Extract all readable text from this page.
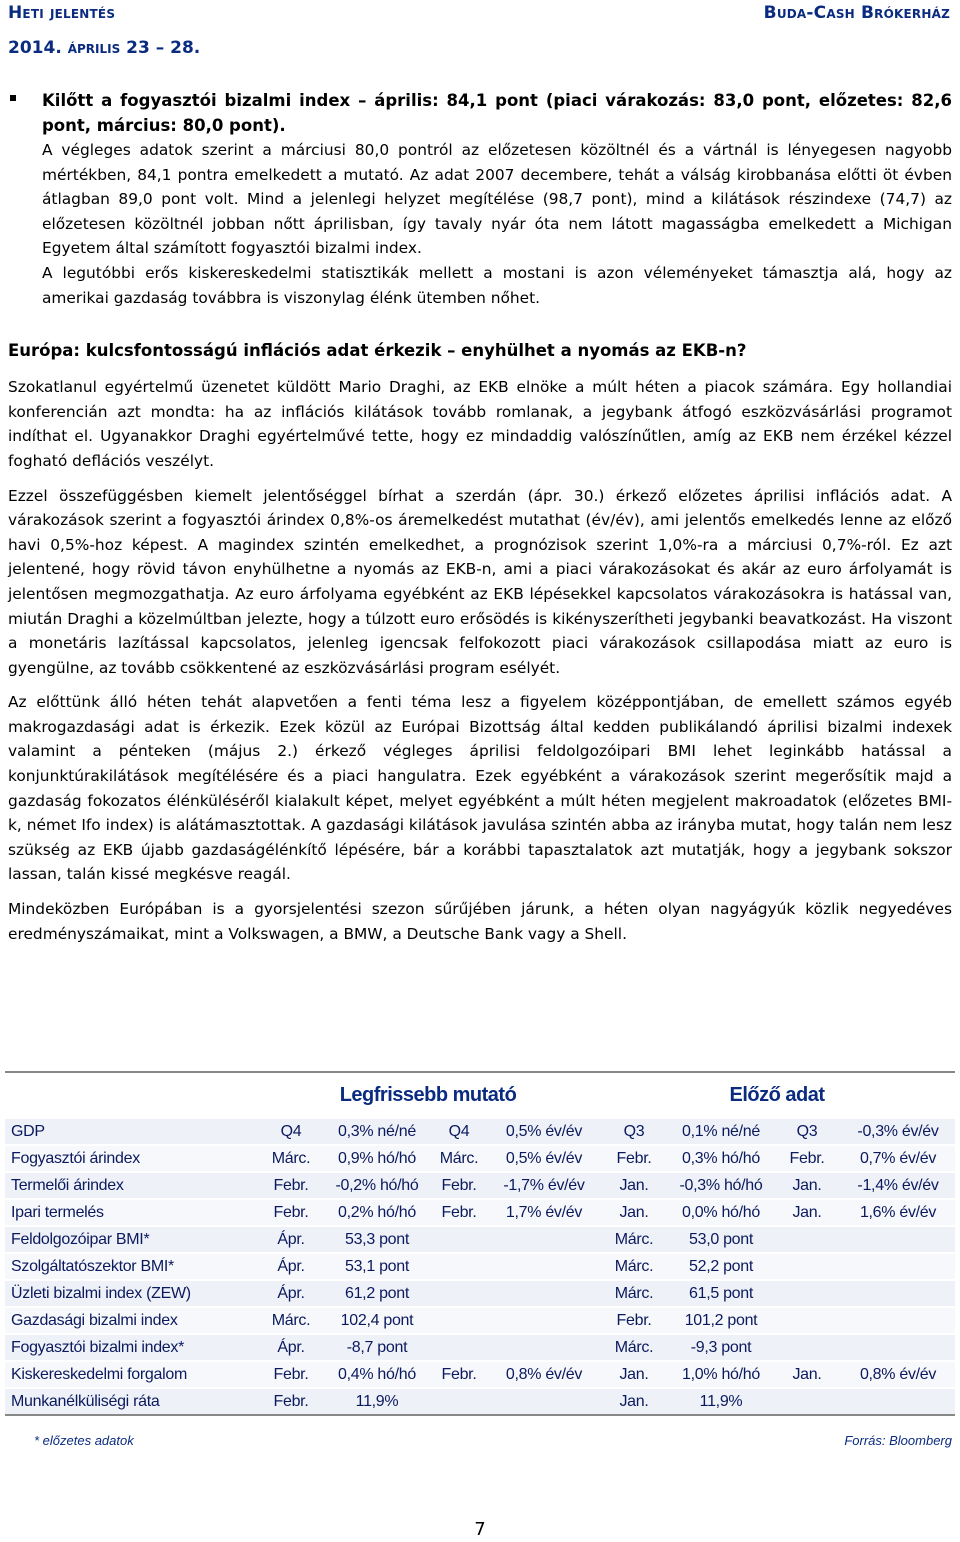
Heti jelentés	Buda-Cash Brókerház
2014. április 23 – 28.
Kilőtt a fogyasztói bizalmi index – április: 84,1 pont (piaci várakozás: 83,0 pont, előzetes: 82,6 pont, március: 80,0 pont).

A végleges adatok szerint a márciusi 80,0 pontról az előzetesen közöltnél és a vártnál is lényegesen nagyobb mértékben, 84,1 pontra emelkedett a mutató. Az adat 2007 decembere, tehát a válság kirobbanása előtti öt évben átlagban 89,0 pont volt. Mind a jelenlegi helyzet megítélése (98,7 pont), mind a kilátások részindexe (74,7) az előzetesen közöltnél jobban nőtt áprilisban, így tavaly nyár óta nem látott magasságba emelkedett a Michigan Egyetem által számított fogyasztói bizalmi index.

A legutóbbi erős kiskereskedelmi statisztikák mellett a mostani is azon véleményeket támasztja alá, hogy az amerikai gazdaság továbbra is viszonylag élénk ütemben nőhet.

Európa: kulcsfontosságú inflációs adat érkezik – enyhülhet a nyomás az EKB-n?

Szokatlanul egyértelmű üzenetet küldött Mario Draghi, az EKB elnöke a múlt héten a piacok számára. Egy hollandiai konferencián azt mondta: ha az inflációs kilátások tovább romlanak, a jegybank átfogó eszközvásárlási programot indíthat el. Ugyanakkor Draghi egyértelművé tette, hogy ez mindaddig valószínűtlen, amíg az EKB nem érzékel kézzel fogható deflációs veszélyt.

Ezzel összefüggésben kiemelt jelentőséggel bírhat a szerdán (ápr. 30.) érkező előzetes áprilisi inflációs adat. A várakozások szerint a fogyasztói árindex 0,8%-os áremelkedést mutathat (év/év), ami jelentős emelkedés lenne az előző havi 0,5%-hoz képest. A magindex szintén emelkedhet, a prognózisok szerint 1,0%-ra a márciusi 0,7%-ról. Ez azt jelentené, hogy rövid távon enyhülhetne a nyomás az EKB-n, ami a piaci várakozásokat és akár az euro árfolyamát is jelentősen megmozgathatja. Az euro árfolyama egyébként az EKB lépésekkel kapcsolatos várakozásokra is hatással van, miután Draghi a közelmúltban jelezte, hogy a túlzott euro erősödés is kikényszerítheti jegybanki beavatkozást. Ha viszont a monetáris lazítással kapcsolatos, jelenleg igencsak felfokozott piaci várakozások csillapodása miatt az euro is gyengülne, az tovább csökkentené az eszközvásárlási program esélyét.

Az előttünk álló héten tehát alapvetően a fenti téma lesz a figyelem középpontjában, de emellett számos egyéb makrogazdasági adat is érkezik. Ezek közül az Európai Bizottság által kedden publikálandó áprilisi bizalmi indexek valamint a pénteken (május 2.) érkező végleges áprilisi feldolgozóipari BMI lehet leginkább hatással a konjunktúrakilátások megítélésére és a piaci hangulatra. Ezek egyébként a várakozások szerint megerősítik majd a gazdaság fokozatos élénküléséről kialakult képet, melyet egyébként a múlt héten megjelent makroadatok (előzetes BMI-k, német Ifo index) is alátámasztottak. A gazdasági kilátások javulása szintén abba az irányba mutat, hogy talán nem lesz szükség az EKB újabb gazdaságélénkítő lépésére, bár a korábbi tapasztalatok azt mutatják, hogy a jegybank sokszor lassan, talán kissé megkésve reagál.

Mindeközben Európában is a gyorsjelentési szezon sűrűjében járunk, a héten olyan nagyágyúk közlik negyedéves eredményszámaikat, mint a Volkswagen, a BMW, a Deutsche Bank vagy a Shell.

	Legfrissebb mutató				Előző adat			
GDP	Q4	0,3% né/né	Q4	0,5% év/év	Q3	0,1% né/né	Q3	-0,3% év/év
Fogyasztói árindex	Márc.	0,9% hó/hó	Márc.	0,5% év/év	Febr.	0,3% hó/hó	Febr.	0,7% év/év
Termelői árindex	Febr.	-0,2% hó/hó	Febr.	-1,7% év/év	Jan.	-0,3% hó/hó	Jan.	-1,4% év/év
Ipari termelés	Febr.	0,2% hó/hó	Febr.	1,7% év/év	Jan.	0,0% hó/hó	Jan.	1,6% év/év
Feldolgozóipar BMI*	Ápr.	53,3 pont			Márc.	53,0 pont		
Szolgáltatószektor BMI*	Ápr.	53,1 pont			Márc.	52,2 pont		
Üzleti bizalmi index (ZEW)	Ápr.	61,2 pont			Márc.	61,5 pont		
Gazdasági bizalmi index	Márc.	102,4 pont			Febr.	101,2 pont		
Fogyasztói bizalmi index*	Ápr.	-8,7 pont			Márc.	-9,3 pont		
Kiskereskedelmi forgalom	Febr.	0,4% hó/hó	Febr.	0,8% év/év	Jan.	1,0% hó/hó	Jan.	0,8% év/év
Munkanélküliségi ráta	Febr.	11,9%			Jan.	11,9%		
* előzetes adatok	Forrás: Bloomberg
7
